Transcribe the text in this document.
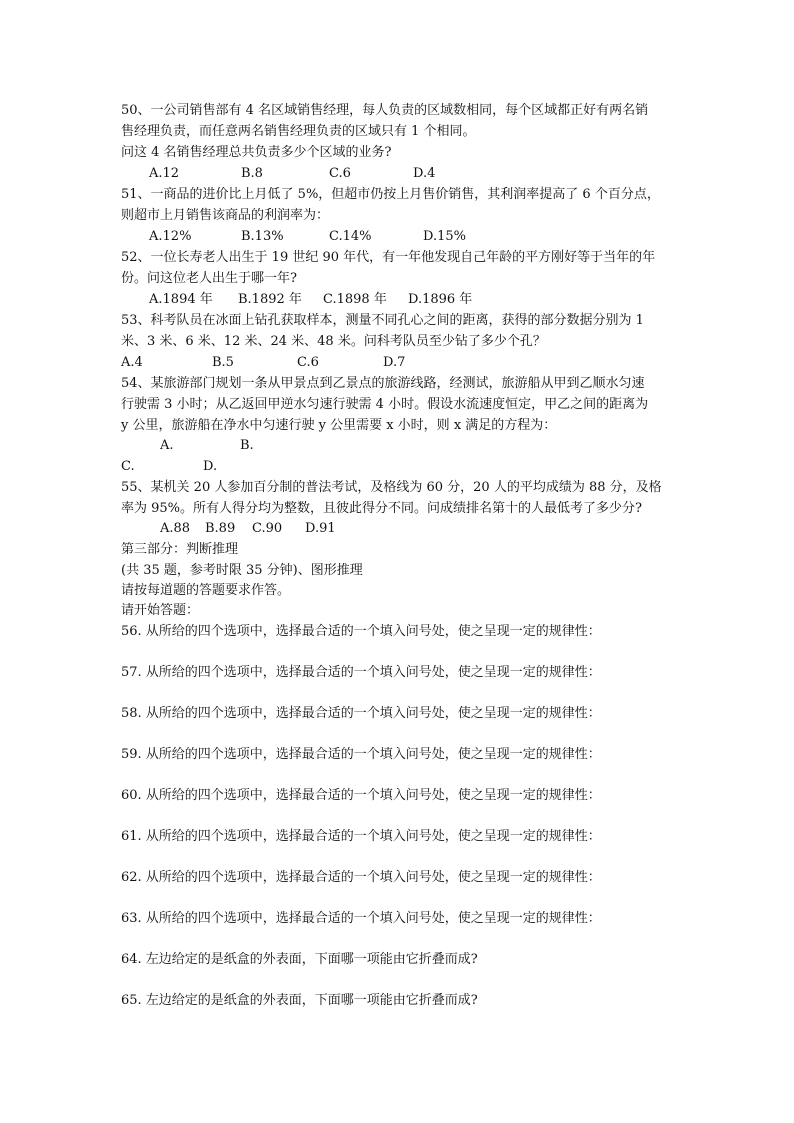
50、一公司销售部有 4 名区域销售经理，每人负责的区域数相同，每个区域都正好有两名销
售经理负责，而任意两名销售经理负责的区域只有 1 个相同。
问这 4 名销售经理总共负责多少个区域的业务?
A.12	B.8	C.6	D.4
51、一商品的进价比上月低了 5%，但超市仍按上月售价销售，其利润率提高了 6 个百分点，
则超市上月销售该商品的利润率为：
A.12%	B.13%	C.14%	D.15%
52、一位长寿老人出生于 19 世纪 90 年代，有一年他发现自己年龄的平方刚好等于当年的年
份。问这位老人出生于哪一年?
A.1894 年 B.1892 年 C.1898 年 D.1896 年
53、科考队员在冰面上钻孔获取样本，测量不同孔心之间的距离，获得的部分数据分别为 1
米、3 米、6 米、12 米、24 米、48 米。问科考队员至少钻了多少个孔？
A.4	B.5	C.6	D.7
54、某旅游部门规划一条从甲景点到乙景点的旅游线路，经测试，旅游船从甲到乙顺水匀速
行驶需 3 小时；从乙返回甲逆水匀速行驶需 4 小时。假设水流速度恒定，甲乙之间的距离为
y 公里，旅游船在净水中匀速行驶 y 公里需要 x 小时，则 x 满足的方程为：
A.	B.
C.	D.
55、某机关 20 人参加百分制的普法考试，及格线为 60 分，20 人的平均成绩为 88 分，及格
率为 95%。所有人得分均为整数，且彼此得分不同。问成绩排名第十的人最低考了多少分?
A.88 B.89 C.90 D.91
第三部分：判断推理
(共 35 题，参考时限 35 分钟)、图形推理
请按每道题的答题要求作答。
请开始答题：
56. 从所给的四个选项中，选择最合适的一个填入问号处，使之呈现一定的规律性：
57. 从所给的四个选项中，选择最合适的一个填入问号处，使之呈现一定的规律性：
58. 从所给的四个选项中，选择最合适的一个填入问号处，使之呈现一定的规律性：
59. 从所给的四个选项中，选择最合适的一个填入问号处，使之呈现一定的规律性：
60. 从所给的四个选项中，选择最合适的一个填入问号处，使之呈现一定的规律性：
61. 从所给的四个选项中，选择最合适的一个填入问号处，使之呈现一定的规律性：
62. 从所给的四个选项中，选择最合适的一个填入问号处，使之呈现一定的规律性：
63. 从所给的四个选项中，选择最合适的一个填入问号处，使之呈现一定的规律性：
64. 左边给定的是纸盒的外表面，下面哪一项能由它折叠而成?
65. 左边给定的是纸盒的外表面，下面哪一项能由它折叠而成?
